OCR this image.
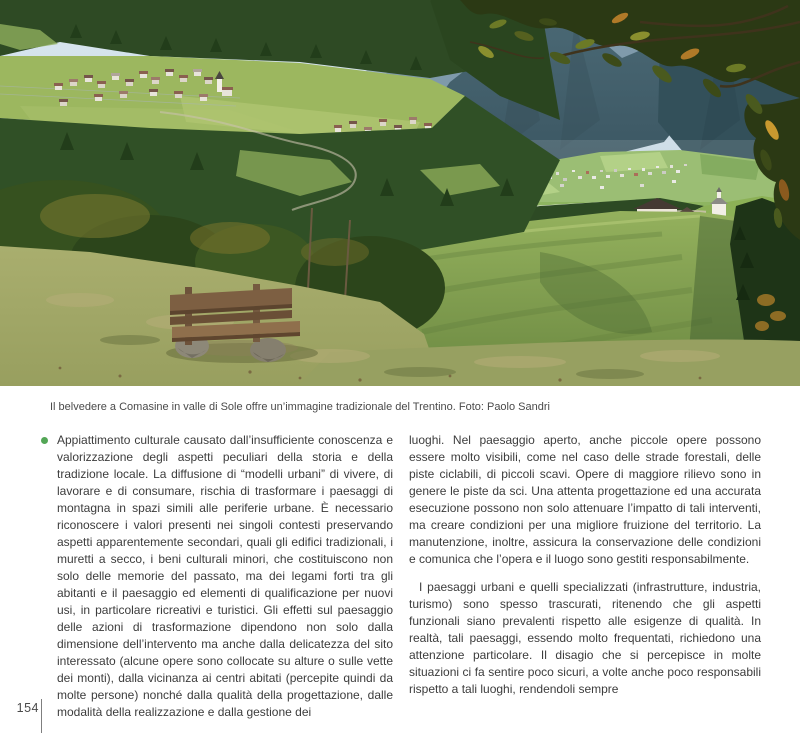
Il belvedere a Comasine in valle di Sole offre un’immagine tradizionale del Trentino. Foto: Paolo Sandri

Appiattimento culturale causato dall’insufficiente conoscenza e valorizzazione degli aspetti peculiari della storia e della tradizione locale. La diffusione di “modelli urbani” di vivere, di lavorare e di consumare, rischia di trasformare i paesaggi di montagna in spazi simili alle periferie urbane. È necessario riconoscere i valori presenti nei singoli contesti preservando aspetti apparentemente secondari, quali gli edifici tradizionali, i muretti a secco, i beni culturali minori, che costituiscono non solo delle memorie del passato, ma dei legami forti tra gli abitanti e il paesaggio ed elementi di qualificazione per nuovi usi, in particolare ricreativi e turistici. Gli effetti sul paesaggio delle azioni di trasformazione dipendono non solo dalla dimensione dell’intervento ma anche dalla delicatezza del sito interessato (alcune opere sono collocate su alture o sulle vette dei monti), dalla vicinanza ai centri abitati (percepite quindi da molte persone) nonché dalla qualità della progettazione, dalle modalità della realizzazione e dalla gestione dei

luoghi. Nel paesaggio aperto, anche piccole opere possono essere molto visibili, come nel caso delle strade forestali, delle piste ciclabili, di piccoli scavi. Opere di maggiore rilievo sono in genere le piste da sci. Una attenta progettazione ed una accurata esecuzione possono non solo attenuare l’impatto di tali interventi, ma creare condizioni per una migliore fruizione del territorio. La manutenzione, inoltre, assicura la conservazione delle condizioni e comunica che l’opera e il luogo sono gestiti responsabilmente.

I paesaggi urbani e quelli specializzati (infrastrutture, industria, turismo) sono spesso trascurati, ritenendo che gli aspetti funzionali siano prevalenti rispetto alle esigenze di qualità. In realtà, tali paesaggi, essendo molto frequentati, richiedono una attenzione particolare. Il disagio che si percepisce in molte situazioni ci fa sentire poco sicuri, a volte anche poco responsabili rispetto a tali luoghi, rendendoli sempre

154
